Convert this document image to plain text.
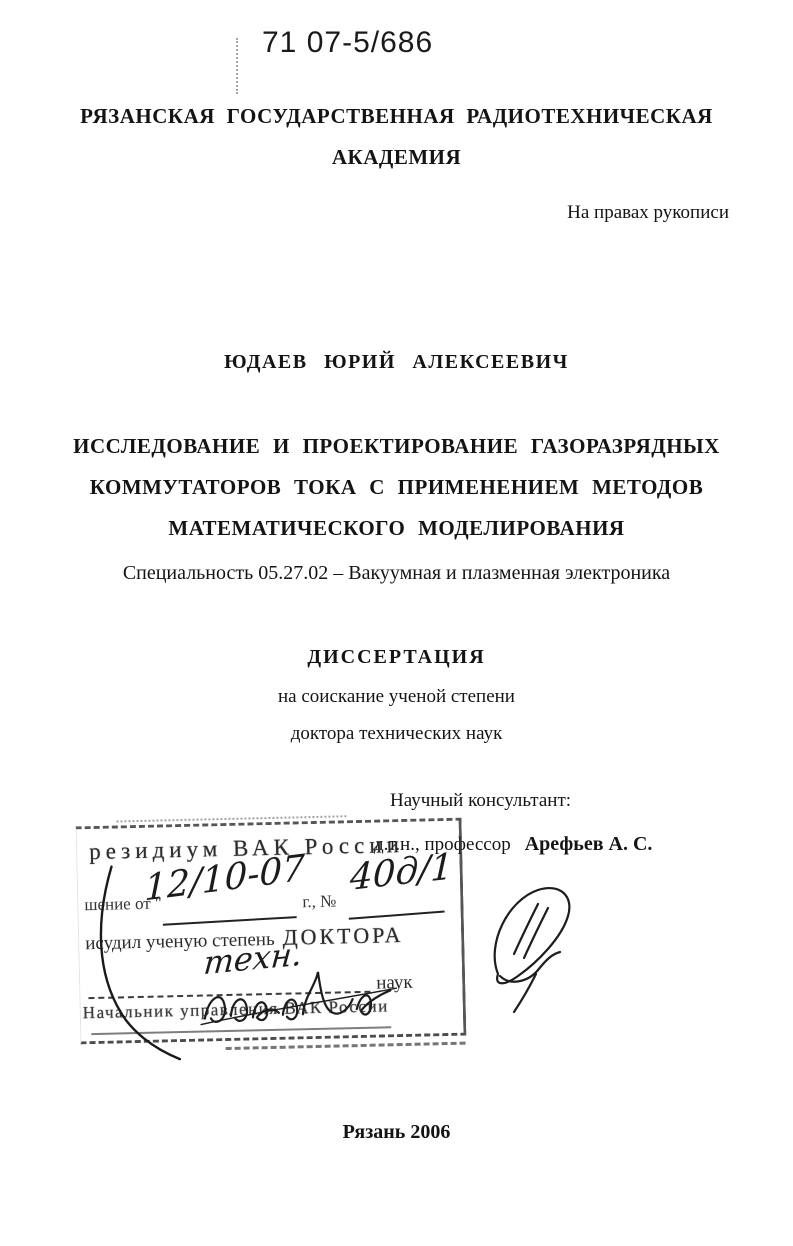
71 07-5/686
РЯЗАНСКАЯ ГОСУДАРСТВЕННАЯ РАДИОТЕХНИЧЕСКАЯ
АКАДЕМИЯ
На правах рукописи
ЮДАЕВ ЮРИЙ АЛЕКСЕЕВИЧ
ИССЛЕДОВАНИЕ И ПРОЕКТИРОВАНИЕ ГАЗОРАЗРЯДНЫХ
КОММУТАТОРОВ ТОКА С ПРИМЕНЕНИЕМ МЕТОДОВ
МАТЕМАТИЧЕСКОГО МОДЕЛИРОВАНИЯ
Специальность 05.27.02 – Вакуумная и плазменная электроника
ДИССЕРТАЦИЯ
на соискание ученой степени
доктора технических наук
Научный консультант:
д.т.н., профессор Арефьев А. С.
резидиум ВАК России
шение от "
12/10-07
г., №
40д/1
исудил ученую степень ДОКТОРА
техн.
наук
Начальник управления ВАК России
Рязань 2006
